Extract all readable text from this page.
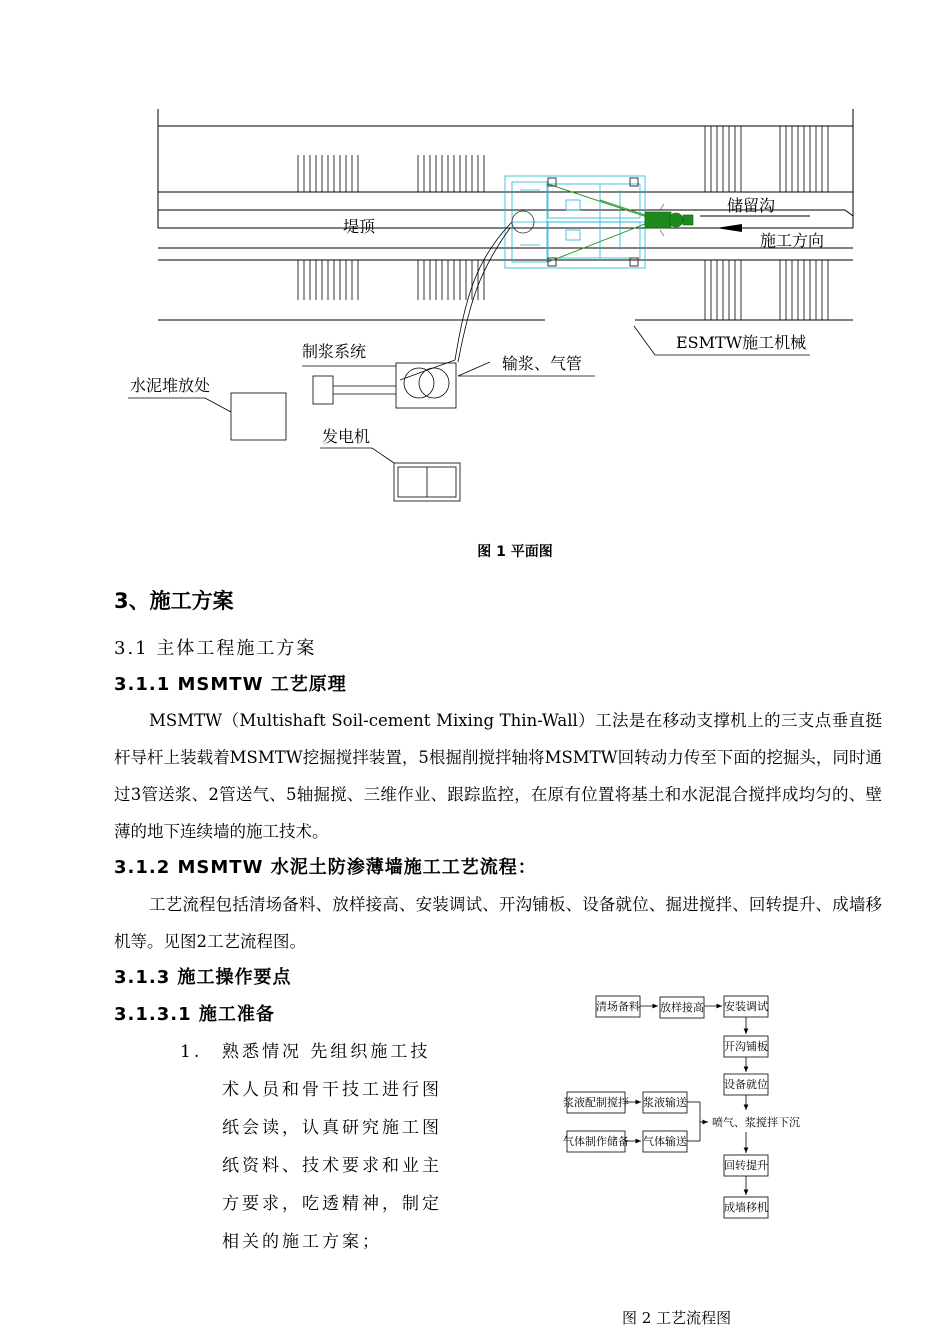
堤顶
储留沟
施工方向
ESMTW施工机械
制浆系统
输浆、气管
水泥堆放处
发电机
图 1 平面图
3、施工方案
3.1 主体工程施工方案
3.1.1 MSMTW 工艺原理
MSMTW（Multishaft Soil-cement Mixing Thin-Wall）工法是在移动支撑机上的三支点垂直挺杆导杆上装载着MSMTW挖掘搅拌装置，5根掘削搅拌轴将MSMTW回转动力传至下面的挖掘头，同时通过3管送浆、2管送气、5轴掘搅、三维作业、跟踪监控，在原有位置将基土和水泥混合搅拌成均匀的、壁薄的地下连续墙的施工技术。
3.1.2 MSMTW 水泥土防渗薄墙施工工艺流程：
工艺流程包括清场备料、放样接高、安装调试、开沟铺板、设备就位、掘进搅拌、回转提升、成墙移机等。见图2工艺流程图。
3.1.3 施工操作要点
3.1.3.1 施工准备
1. 熟悉情况 先组织施工技
术人员和骨干技工进行图
纸会读，认真研究施工图
纸资料、技术要求和业主
方要求，吃透精神，制定
相关的施工方案；
清场备料 放样接高 安装调试
开沟铺板
设备就位
浆液配制搅拌 浆液输送
气体制作储备 气体输送
回转提升
成墙移机
喷气、浆搅拌下沉
图 2 工艺流程图
